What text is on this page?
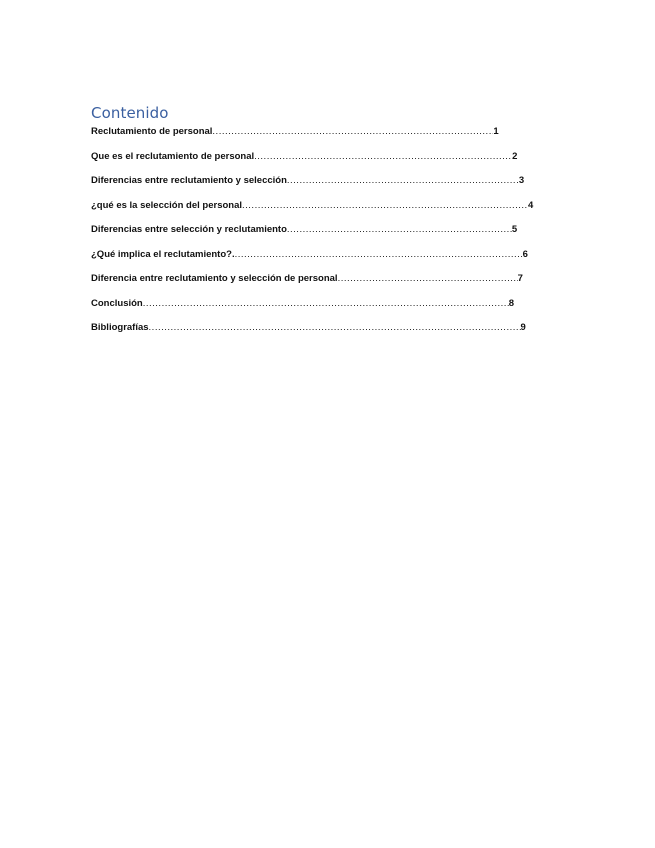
Contenido
Reclutamiento de personal .....	1
Que es el reclutamiento de personal .....	2
Diferencias entre reclutamiento y selección .....	3
¿qué es la selección del personal .....	4
Diferencias entre selección y reclutamiento .....	5
¿Qué implica el reclutamiento?. .....	6
Diferencia entre reclutamiento y selección de personal .....	7
Conclusión .....	8
Bibliografías .....	9
